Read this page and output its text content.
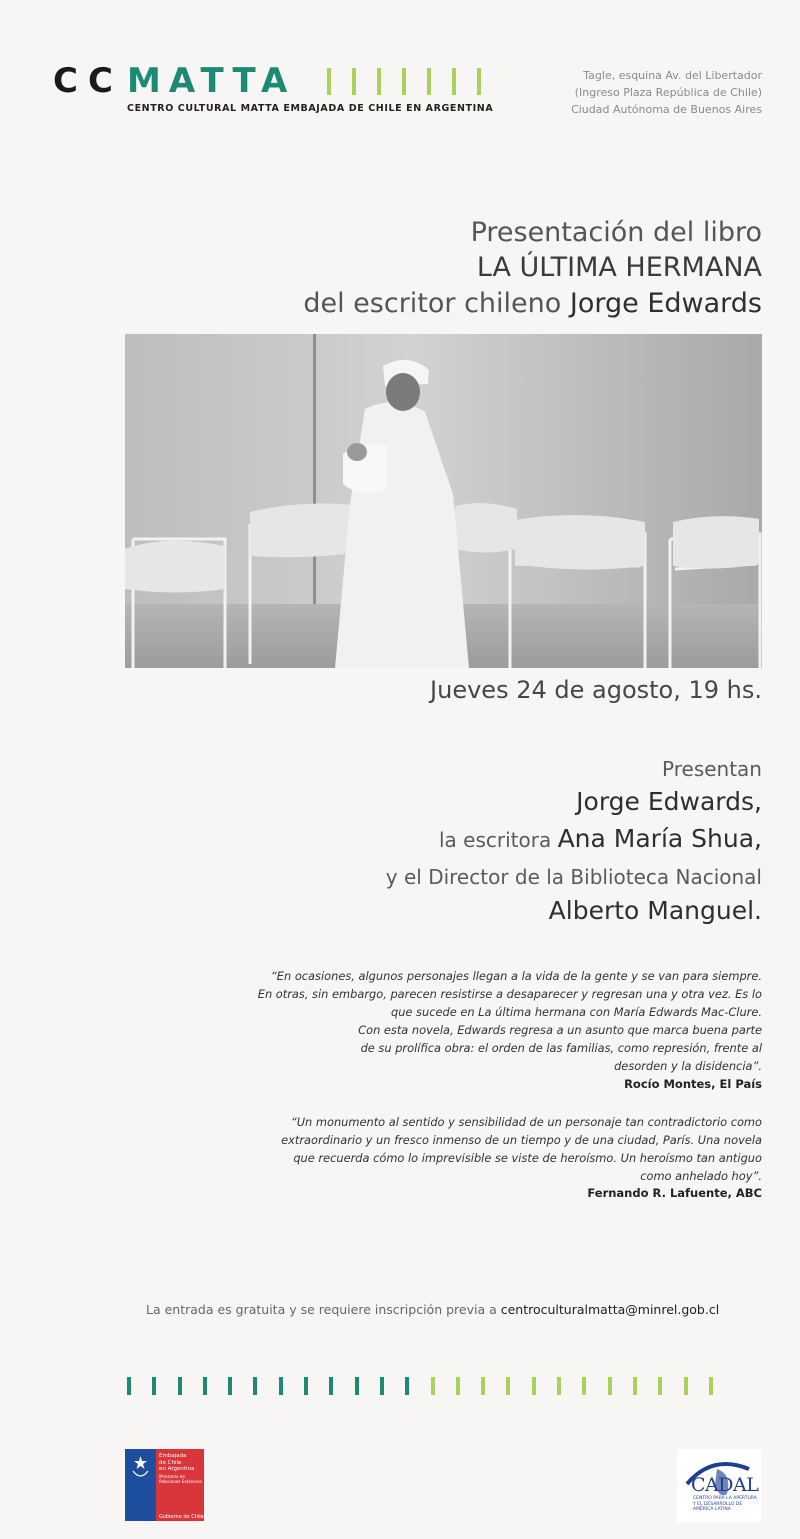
CC MATTA
CENTRO CULTURAL MATTA EMBAJADA DE CHILE EN ARGENTINA
Tagle, esquina Av. del Libertador
(Ingreso Plaza República de Chile)
Ciudad Autónoma de Buenos Aires
Presentación del libro
LA ÚLTIMA HERMANA
del escritor chileno Jorge Edwards
Jueves 24 de agosto, 19 hs.
Presentan
Jorge Edwards,
la escritora Ana María Shua,
y el Director de la Biblioteca Nacional
Alberto Manguel.
“En ocasiones, algunos personajes llegan a la vida de la gente y se van para siempre.
En otras, sin embargo, parecen resistirse a desaparecer y regresan una y otra vez. Es lo
que sucede en La última hermana con María Edwards Mac-Clure.
Con esta novela, Edwards regresa a un asunto que marca buena parte
de su prolífica obra: el orden de las familias, como represión, frente al
desorden y la disidencia”.
Rocío Montes, El País
“Un monumento al sentido y sensibilidad de un personaje tan contradictorio como
extraordinario y un fresco inmenso de un tiempo y de una ciudad, París. Una novela
que recuerda cómo lo imprevisible se viste de heroísmo. Un heroísmo tan antiguo
como anhelado hoy”.
Fernando R. Lafuente, ABC
La entrada es gratuita y se requiere inscripción previa a centroculturalmatta@minrel.gob.cl
Embajada
de Chile
en Argentina
Ministerio de
Relaciones Exteriores
Gobierno de Chile
CADAL
CENTRO PARA LA APERTURA
Y EL DESARROLLO DE
AMÉRICA LATINA
